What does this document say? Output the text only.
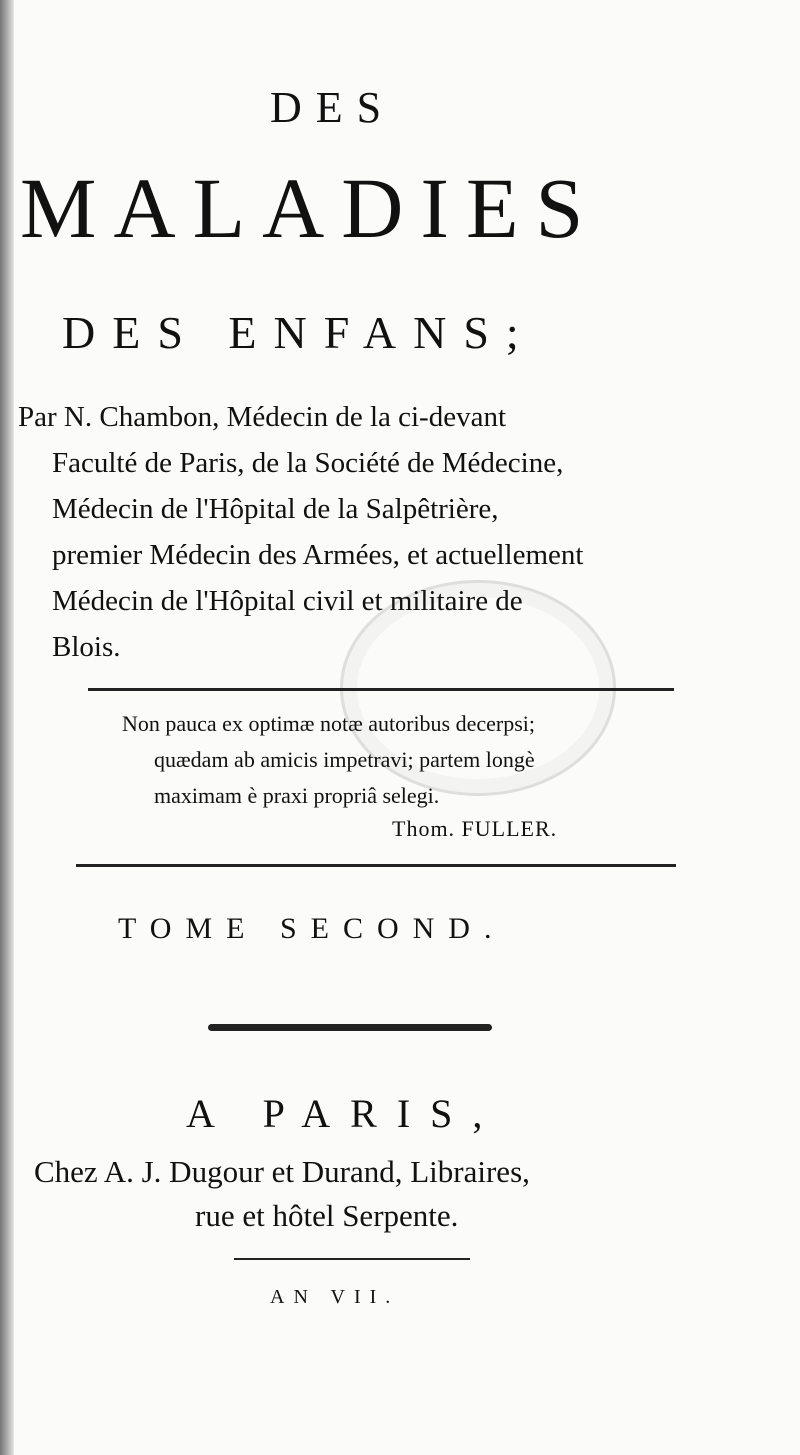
DES
MALADIES
DES ENFANS;
Par N. Chambon, Médecin de la ci-devant
Faculté de Paris, de la Société de Médecine,
Médecin de l'Hôpital de la Salpêtrière,
premier Médecin des Armées, et actuellement
Médecin de l'Hôpital civil et militaire de
Blois.
Non pauca ex optimæ notæ autoribus decerpsi;
quædam ab amicis impetravi; partem longè
maximam è praxi propriâ selegi.
Thom. FULLER.
TOME SECOND.
A PARIS,
Chez A. J. Dugour et Durand, Libraires,
rue et hôtel Serpente.
AN VII.
